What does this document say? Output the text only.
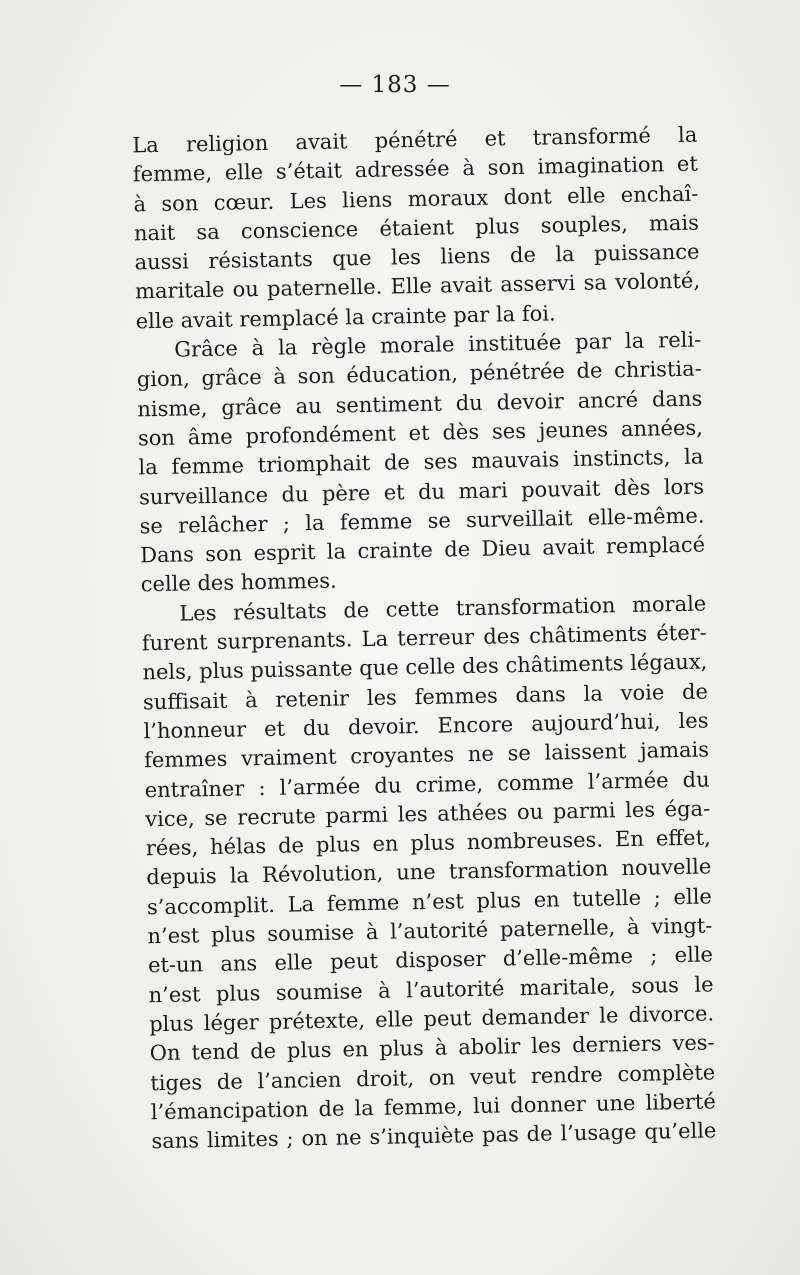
— 183 —

La religion avait pénétré et transformé la
femme, elle s’était adressée à son imagination et
à son cœur. Les liens moraux dont elle enchaî-
nait sa conscience étaient plus souples, mais
aussi résistants que les liens de la puissance
maritale ou paternelle. Elle avait asservi sa volonté,
elle avait remplacé la crainte par la foi.

Grâce à la règle morale instituée par la reli-
gion, grâce à son éducation, pénétrée de christia-
nisme, grâce au sentiment du devoir ancré dans
son âme profondément et dès ses jeunes années,
la femme triomphait de ses mauvais instincts, la
surveillance du père et du mari pouvait dès lors
se relâcher ; la femme se surveillait elle-même.
Dans son esprit la crainte de Dieu avait remplacé
celle des hommes.

Les résultats de cette transformation morale
furent surprenants. La terreur des châtiments éter-
nels, plus puissante que celle des châtiments légaux,
suffisait à retenir les femmes dans la voie de
l’honneur et du devoir. Encore aujourd’hui, les
femmes vraiment croyantes ne se laissent jamais
entraîner : l’armée du crime, comme l’armée du
vice, se recrute parmi les athées ou parmi les éga-
rées, hélas de plus en plus nombreuses. En effet,
depuis la Révolution, une transformation nouvelle
s’accomplit. La femme n’est plus en tutelle ; elle
n’est plus soumise à l’autorité paternelle, à vingt-
et-un ans elle peut disposer d’elle-même ; elle
n’est plus soumise à l’autorité maritale, sous le
plus léger prétexte, elle peut demander le divorce.
On tend de plus en plus à abolir les derniers ves-
tiges de l’ancien droit, on veut rendre complète
l’émancipation de la femme, lui donner une liberté
sans limites ; on ne s’inquiète pas de l’usage qu’elle
